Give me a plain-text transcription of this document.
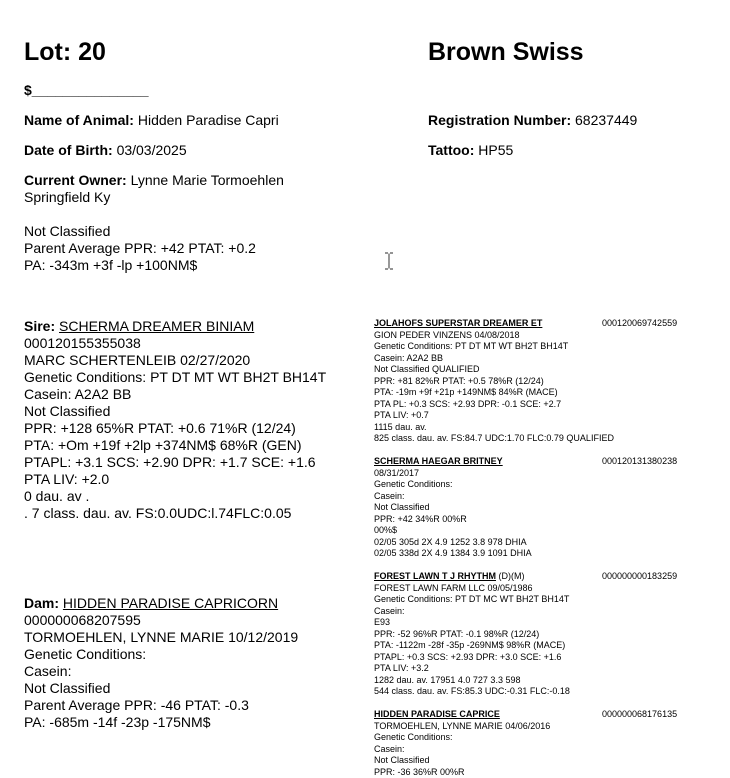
Lot: 20	Brown Swiss
$_______________
Name of Animal: Hidden Paradise Capri	Registration Number: 68237449
Date of Birth: 03/03/2025	Tattoo: HP55
Current Owner: Lynne Marie Tormoehlen
Springfield Ky
Not Classified
Parent Average PPR: +42 PTAT: +0.2
PA: -343m +3f -lp +100NM$
Sire: SCHERMA DREAMER BINIAM
000120155355038
MARC SCHERTENLEIB 02/27/2020
Genetic Conditions: PT DT MT WT BH2T BH14T
Casein: A2A2 BB
Not Classified
PPR: +128 65%R PTAT: +0.6 71%R (12/24)
PTA: +Om +19f +2lp +374NM$ 68%R (GEN)
PTAPL: +3.1 SCS: +2.90 DPR: +1.7 SCE: +1.6
PTA LIV: +2.0
0 dau. av .
. 7 class. dau. av. FS:0.0UDC:l.74FLC:0.05
Dam: HIDDEN PARADISE CAPRICORN
000000068207595
TORMOEHLEN, LYNNE MARIE 10/12/2019
Genetic Conditions:
Casein:
Not Classified
Parent Average PPR: -46 PTAT: -0.3
PA: -685m -14f -23p -175NM$
JOLAHOFS SUPERSTAR DREAMER ET	000120069742559
GION PEDER VINZENS 04/08/2018
Genetic Conditions: PT DT MT WT BH2T BH14T
Casein: A2A2 BB
Not Classified QUALIFIED
PPR: +81 82%R PTAT: +0.5 78%R (12/24)
PTA: -19m +9f +21p +149NM$ 84%R (MACE)
PTA PL: +0.3 SCS: +2.93 DPR: -0.1 SCE: +2.7
PTA LIV: +0.7
1115 dau. av.
825 class. dau. av. FS:84.7 UDC:1.70 FLC:0.79 QUALIFIED
SCHERMA HAEGAR BRITNEY	000120131380238
08/31/2017
Genetic Conditions:
Casein:
Not Classified
PPR: +42 34%R 00%R
00%$
02/05 305d 2X 4.9 1252 3.8 978 DHIA
02/05 338d 2X 4.9 1384 3.9 1091 DHIA
FOREST LAWN T J RHYTHM (D)(M)	000000000183259
FOREST LAWN FARM LLC 09/05/1986
Genetic Conditions: PT DT MC WT BH2T BH14T
Casein:
E93
PPR: -52 96%R PTAT: -0.1 98%R (12/24)
PTA: -1122m -28f -35p -269NM$ 98%R (MACE)
PTAPL: +0.3 SCS: +2.93 DPR: +3.0 SCE: +1.6
PTA LIV: +3.2
1282 dau. av. 17951 4.0 727 3.3 598
544 class. dau. av. FS:85.3 UDC:-0.31 FLC:-0.18
HIDDEN PARADISE CAPRICE	000000068176135
TORMOEHLEN, LYNNE MARIE 04/06/2016
Genetic Conditions:
Casein:
Not Classified
PPR: -36 36%R 00%R
